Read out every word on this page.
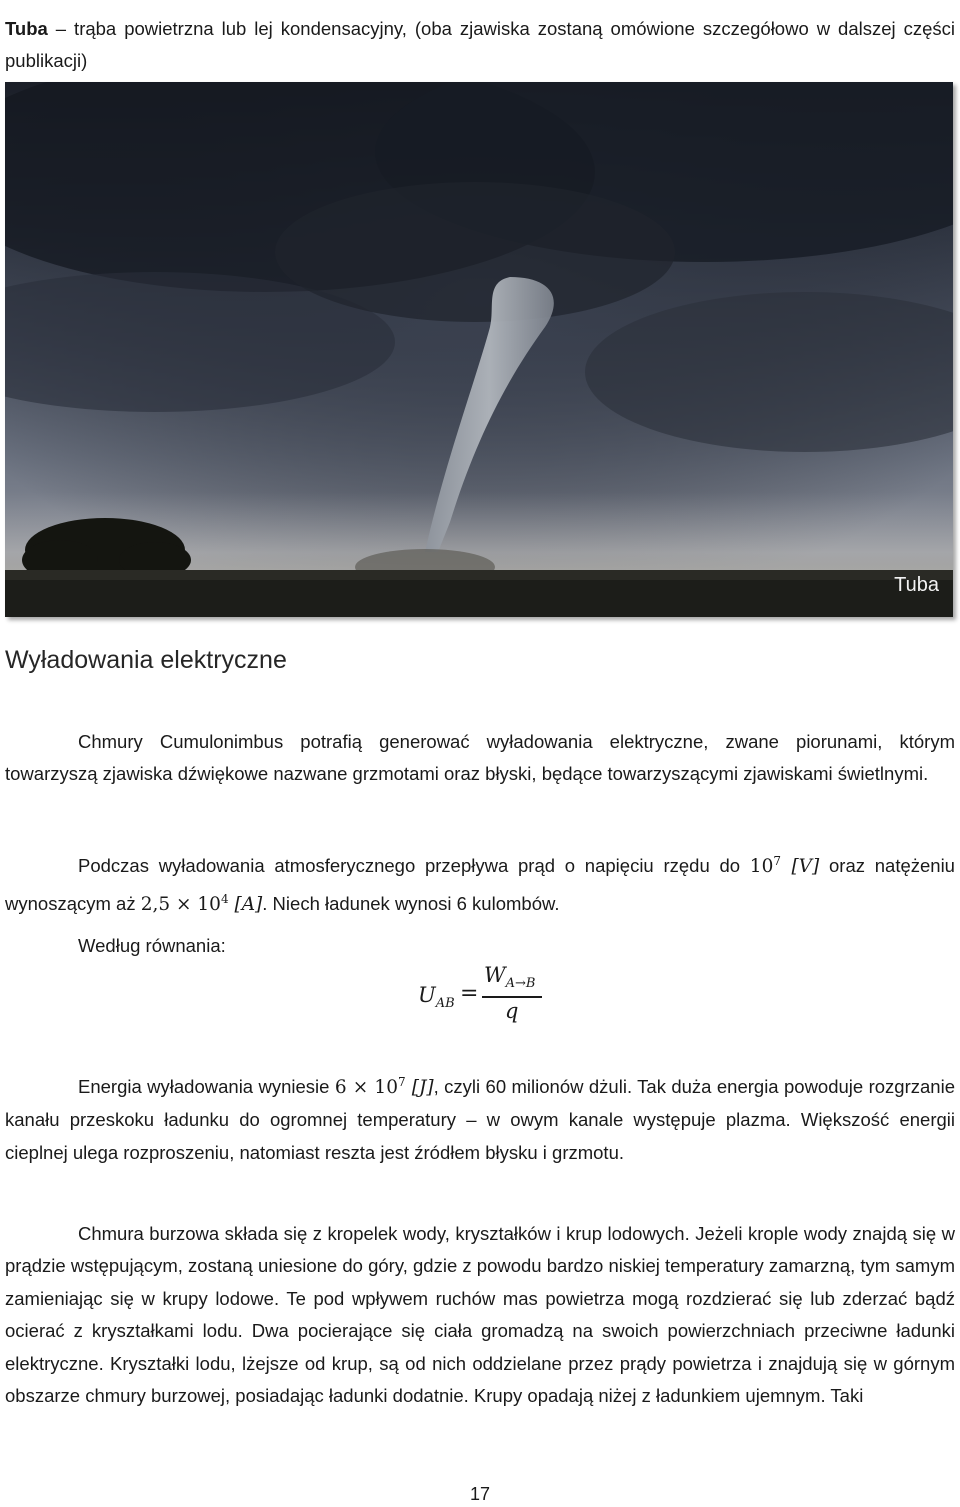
Tuba – trąba powietrzna lub lej kondensacyjny, (oba zjawiska zostaną omówione szczegółowo w dalszej części publikacji)

Tuba
Wyładowania elektryczne

Chmury Cumulonimbus potrafią generować wyładowania elektryczne, zwane piorunami, którym towarzyszą zjawiska dźwiękowe nazwane grzmotami oraz błyski, będące towarzyszącymi zjawiskami świetlnymi.

Podczas wyładowania atmosferycznego przepływa prąd o napięciu rzędu do $10^7$ [V] oraz natężeniu wynoszącym aż $2,5 \times 10^4$ [A]. Niech ładunek wynosi 6 kulombów.

Według równania:

$U_{AB}$ =
$W_{A\to B}$
q

Energia wyładowania wyniesie $6 \times 10^7$ [J], czyli 60 milionów dżuli. Tak duża energia powoduje rozgrzanie kanału przeskoku ładunku do ogromnej temperatury – w owym kanale występuje plazma. Większość energii cieplnej ulega rozproszeniu, natomiast reszta jest źródłem błysku i grzmotu.

Chmura burzowa składa się z kropelek wody, kryształków i krup lodowych. Jeżeli krople wody znajdą się w prądzie wstępującym, zostaną uniesione do góry, gdzie z powodu bardzo niskiej temperatury zamarzną, tym samym zamieniając się w krupy lodowe. Te pod wpływem ruchów mas powietrza mogą rozdzierać się lub zderzać bądź ocierać z kryształkami lodu. Dwa pocierające się ciała gromadzą na swoich powierzchniach przeciwne ładunki elektryczne. Kryształki lodu, lżejsze od krup, są od nich oddzielane przez prądy powietrza i znajdują się w górnym obszarze chmury burzowej, posiadając ładunki dodatnie. Krupy opadają niżej z ładunkiem ujemnym. Taki

17
